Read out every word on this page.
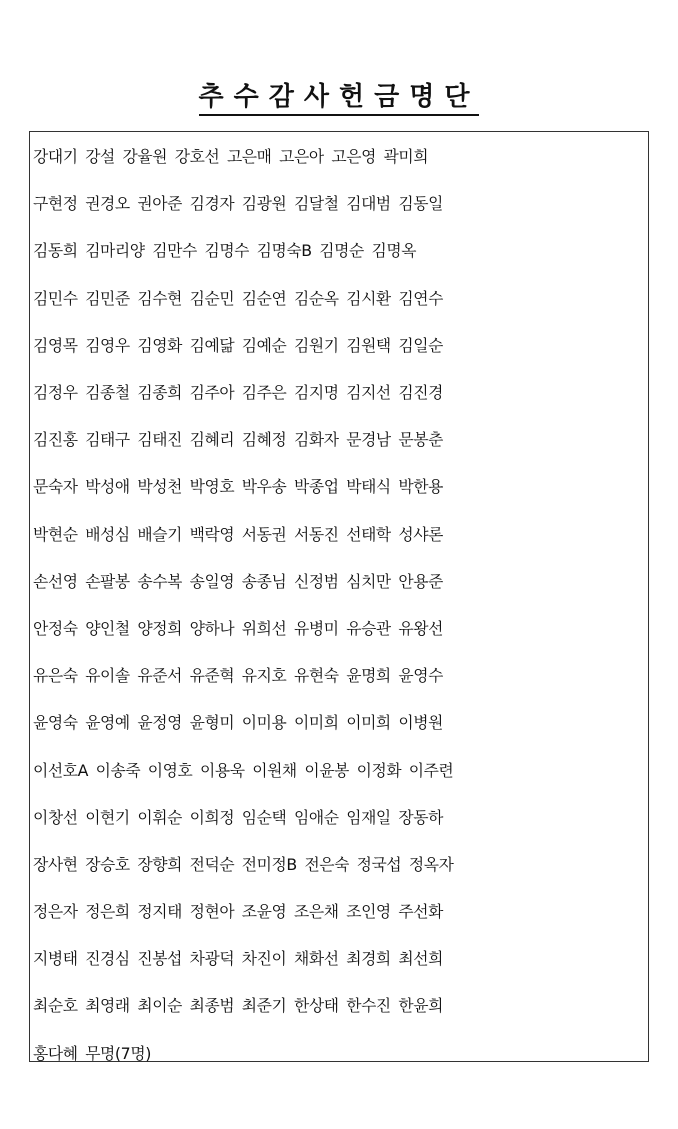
추수감사헌금명단
강대기 강설 강율원 강호선 고은매 고은아 고은영 곽미희
구현정 권경오 권아준 김경자 김광원 김달철 김대범 김동일
김동희 김마리양 김만수 김명수 김명숙B 김명순 김명옥
김민수 김민준 김수현 김순민 김순연 김순옥 김시환 김연수
김영목 김영우 김영화 김예닮 김예순 김원기 김원택 김일순
김정우 김종철 김종희 김주아 김주은 김지명 김지선 김진경
김진홍 김태구 김태진 김혜리 김혜정 김화자 문경남 문봉춘
문숙자 박성애 박성천 박영호 박우송 박종업 박태식 박한용
박현순 배성심 배슬기 백락영 서동권 서동진 선태학 성샤론
손선영 손팔봉 송수복 송일영 송종님 신정범 심치만 안용준
안정숙 양인철 양정희 양하나 위희선 유병미 유승관 유왕선
유은숙 유이솔 유준서 유준혁 유지호 유현숙 윤명희 윤영수
윤영숙 윤영예 윤정영 윤형미 이미용 이미희 이미희 이병원
이선호A 이송죽 이영호 이용욱 이원채 이윤봉 이정화 이주련
이창선 이현기 이휘순 이희정 임순택 임애순 임재일 장동하
장사현 장승호 장향희 전덕순 전미정B 전은숙 정국섭 정옥자
정은자 정은희 정지태 정현아 조윤영 조은채 조인영 주선화
지병태 진경심 진봉섭 차광덕 차진이 채화선 최경희 최선희
최순호 최영래 최이순 최종범 최준기 한상태 한수진 한윤희
홍다혜 무명(7명)
